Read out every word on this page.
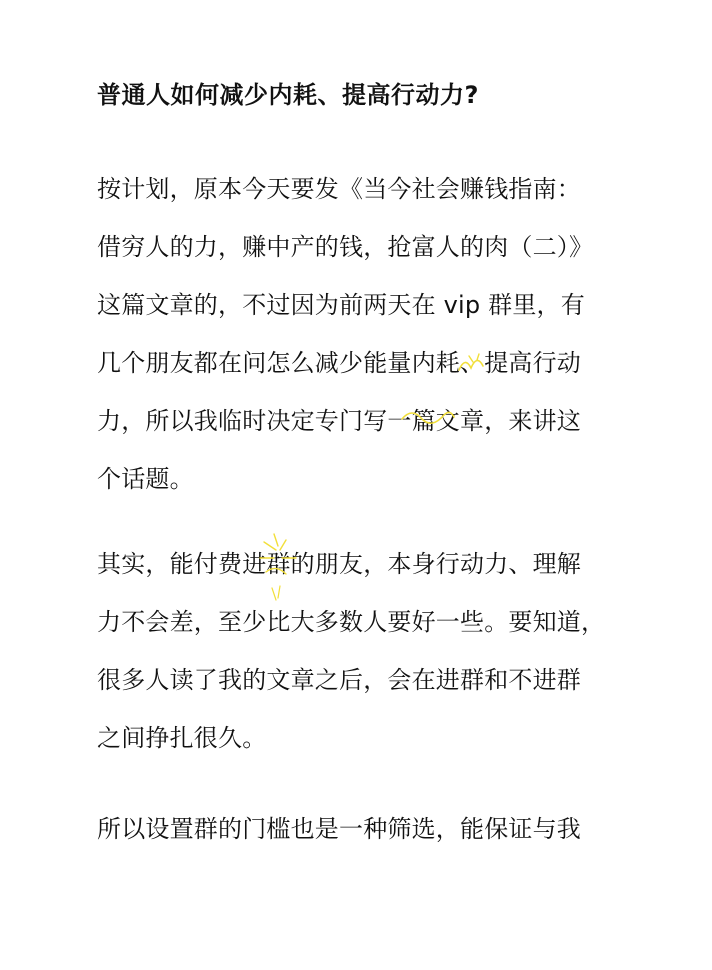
普通人如何减少内耗、提高行动力?
按计划，原本今天要发《当今社会赚钱指南：
借穷人的力，赚中产的钱，抢富人的肉（二）》
这篇文章的，不过因为前两天在 vip 群里，有
几个朋友都在问怎么减少能量内耗、提高行动
力，所以我临时决定专门写一篇文章，来讲这
个话题。
其实，能付费进群的朋友，本身行动力、理解
力不会差，至少比大多数人要好一些。要知道，
很多人读了我的文章之后，会在进群和不进群
之间挣扎很久。
所以设置群的门槛也是一种筛选，能保证与我
